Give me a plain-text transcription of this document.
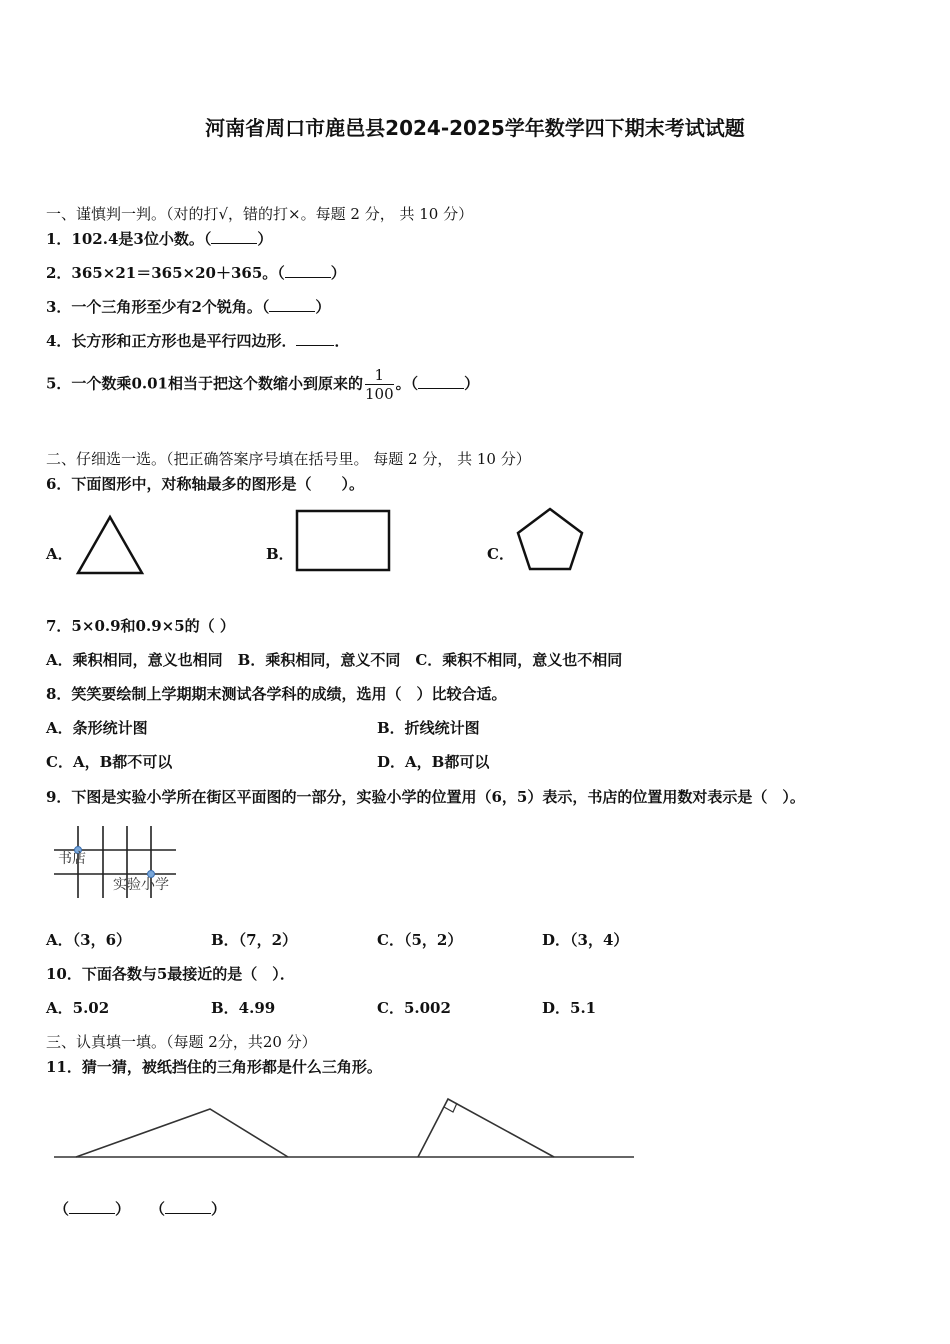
河南省周口市鹿邑县2024-2025学年数学四下期末考试试题
一、谨慎判一判。（对的打√，错的打×。每题 2 分， 共 10 分）
1．102.4是3位小数。（	）
2．365×21＝365×20＋365。（	）
3．一个三角形至少有2个锐角。（	）
4．长方形和正方形也是平行四边形．	．
5．一个数乘0.01相当于把这个数缩小到原来的 $\frac{1}{100}$ 。（	）
二、仔细选一选。（把正确答案序号填在括号里。 每题 2 分， 共 10 分）
6．下面图形中，对称轴最多的图形是（　　）。
A．	B．	C．
7．5×0.9和0.9×5的（ ）
A．乘积相同，意义也相同　B．乘积相同，意义不同　C．乘积不相同，意义也不相同
8．笑笑要绘制上学期期末测试各学科的成绩，选用（　）比较合适。
A．条形统计图	B．折线统计图
C．A，B都不可以	D．A，B都可以
9．下图是实验小学所在街区平面图的一部分，实验小学的位置用（6，5）表示，书店的位置用数对表示是（　）。
书店
实验小学
A．（3，6）	B．（7，2）	C．（5，2）	D．（3，4）
10．下面各数与5最接近的是（　）．
A．5.02	B．4.99	C．5.002	D．5.1
三、认真填一填。（每题 2分，共20 分）
11．猜一猜，被纸挡住的三角形都是什么三角形。
（	） （	）
